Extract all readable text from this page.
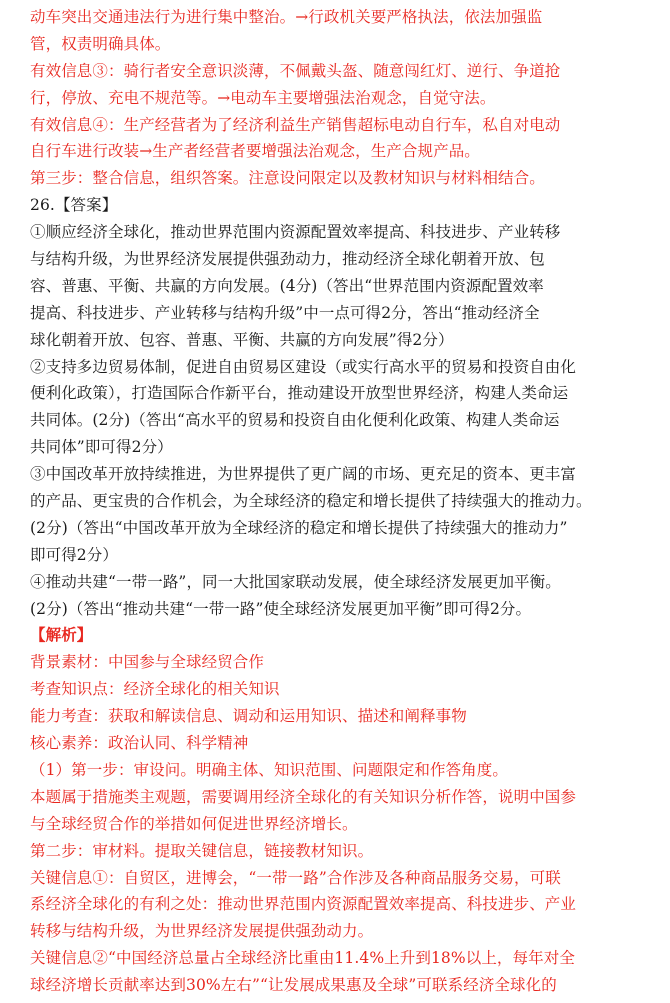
动车突出交通违法行为进行集中整治。→行政机关要严格执法，依法加强监
管，权责明确具体。
有效信息③：骑行者安全意识淡薄，不佩戴头盔、随意闯红灯、逆行、争道抢
行，停放、充电不规范等。→电动车主要增强法治观念，自觉守法。
有效信息④：生产经营者为了经济利益生产销售超标电动自行车，私自对电动
自行车进行改装→生产者经营者要增强法治观念，生产合规产品。
第三步：整合信息，组织答案。注意设问限定以及教材知识与材料相结合。
26.【答案】
①顺应经济全球化，推动世界范围内资源配置效率提高、科技进步、产业转移
与结构升级，为世界经济发展提供强劲动力，推动经济全球化朝着开放、包
容、普惠、平衡、共赢的方向发展。(4分)（答出“世界范围内资源配置效率
提高、科技进步、产业转移与结构升级”中一点可得2分，答出“推动经济全
球化朝着开放、包容、普惠、平衡、共赢的方向发展”得2分）
②支持多边贸易体制，促进自由贸易区建设（或实行高水平的贸易和投资自由化
便利化政策），打造国际合作新平台，推动建设开放型世界经济，构建人类命运
共同体。(2分)（答出“高水平的贸易和投资自由化便利化政策、构建人类命运
共同体”即可得2分）
③中国改革开放持续推进，为世界提供了更广阔的市场、更充足的资本、更丰富
的产品、更宝贵的合作机会，为全球经济的稳定和增长提供了持续强大的推动力。
(2分)（答出“中国改革开放为全球经济的稳定和增长提供了持续强大的推动力”
即可得2分）
④推动共建“一带一路”，同一大批国家联动发展，使全球经济发展更加平衡。
(2分)（答出“推动共建“一带一路”使全球经济发展更加平衡”即可得2分。
【解析】
背景素材：中国参与全球经贸合作
考查知识点：经济全球化的相关知识
能力考查：获取和解读信息、调动和运用知识、描述和阐释事物
核心素养：政治认同、科学精神
（1）第一步：审设问。明确主体、知识范围、问题限定和作答角度。
本题属于措施类主观题，需要调用经济全球化的有关知识分析作答，说明中国参
与全球经贸合作的举措如何促进世界经济增长。
第二步：审材料。提取关键信息，链接教材知识。
关键信息①：自贸区，进博会，“一带一路”合作涉及各种商品服务交易，可联
系经济全球化的有利之处：推动世界范围内资源配置效率提高、科技进步、产业
转移与结构升级，为世界经济发展提供强劲动力。
关键信息②“中国经济总量占全球经济比重由11.4%上升到18%以上，每年对全
球经济增长贡献率达到30%左右”“让发展成果惠及全球”可联系经济全球化的
